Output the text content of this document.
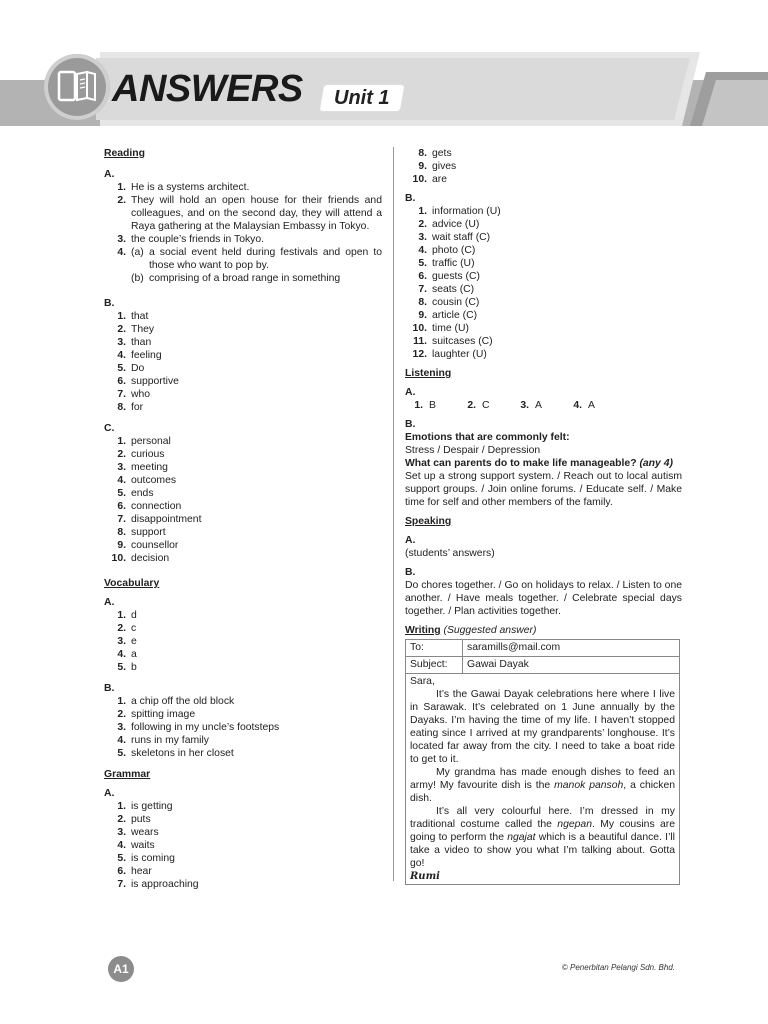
ANSWERS	Unit 1

Reading

A.

1. He is a systems architect.
2. They will hold an open house for their friends and colleagues, and on the second day, they will attend a Raya gathering at the Malaysian Embassy in Tokyo.
3. the couple’s friends in Tokyo.
4. (a) a social event held during festivals and open to those who want to pop by.
(b) comprising of a broad range in something

B.

1. that
2. They
3. than
4. feeling
5. Do
6. supportive
7. who
8. for

C.

1. personal
2. curious
3. meeting
4. outcomes
5. ends
6. connection
7. disappointment
8. support
9. counsellor
10. decision

Vocabulary

A.

1. d
2. c
3. e
4. a
5. b

B.

1. a chip off the old block
2. spitting image
3. following in my uncle’s footsteps
4. runs in my family
5. skeletons in her closet

Grammar

A.

1. is getting
2. puts
3. wears
4. waits
5. is coming
6. hear
7. is approaching
8. gets
9. gives
10. are

B.

1. information (U)
2. advice (U)
3. wait staff (C)
4. photo (C)
5. traffic (U)
6. guests (C)
7. seats (C)
8. cousin (C)
9. article (C)
10. time (U)
11. suitcases (C)
12. laughter (U)

Listening

A.

1. B	2. C	3. A	4. A

B.

Emotions that are commonly felt:

Stress / Despair / Depression

What can parents do to make life manageable? (any 4)

Set up a strong support system. / Reach out to local autism support groups. / Join online forums. / Educate self. / Make time for self and other members of the family.

Speaking

A.

(students’ answers)

B.

Do chores together. / Go on holidays to relax. / Listen to one another. / Have meals together. / Celebrate special days together. / Plan activities together.

Writing (Suggested answer)

To:	saramills@mail.com
Subject:	Gawai Dayak

Sara,

It’s the Gawai Dayak celebrations here where I live in Sarawak. It’s celebrated on 1 June annually by the Dayaks. I’m having the time of my life. I haven’t stopped eating since I arrived at my grandparents’ longhouse. It’s located far away from the city. I need to take a boat ride to get to it.

My grandma has made enough dishes to feed an army! My favourite dish is the manok pansoh, a chicken dish.

It’s all very colourful here. I’m dressed in my traditional costume called the ngepan. My cousins are going to perform the ngajat which is a beautiful dance. I’ll take a video to show you what I’m talking about. Gotta go!

Rumi	

A1	© Penerbitan Pelangi Sdn. Bhd.
